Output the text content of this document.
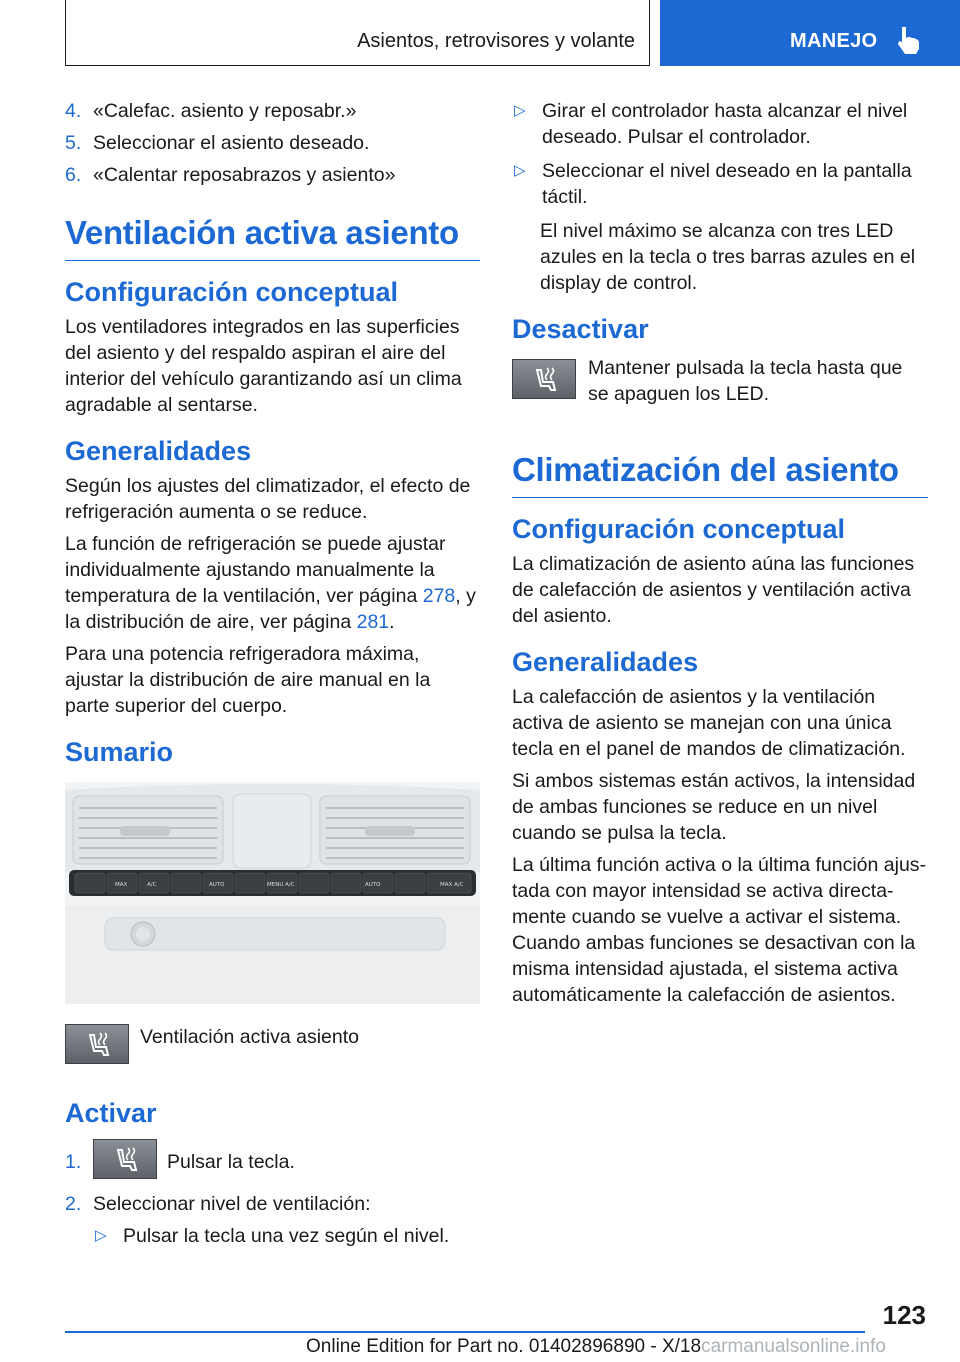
Asientos, retrovisores y volante	MANEJO
4. «Calefac. asiento y reposabr.»
5. Seleccionar el asiento deseado.
6. «Calentar reposabrazos y asiento»
Ventilación activa asiento
Configuración conceptual

Los ventiladores integrados en las superficies del asiento y del respaldo aspiran el aire del interior del vehículo garantizando así un clima agradable al sentarse.

Generalidades

Según los ajustes del climatizador, el efecto de refrigeración aumenta o se reduce.

La función de refrigeración se puede ajustar individualmente ajustando manualmente la temperatura de la ventilación, ver página 278, y la distribución de aire, ver página 281.

Para una potencia refrigeradora máxima, ajustar la distribución de aire manual en la parte superior del cuerpo.

Sumario
MAX	A/C	AUTO	MENU A/C	AUTO	MAX A/C
Ventilación activa asiento
Activar
1.	Pulsar la tecla.
2. Seleccionar nivel de ventilación:
▷ Pulsar la tecla una vez según el nivel.
▷ Girar el controlador hasta alcanzar el nivel deseado. Pulsar el controlador.
▷ Seleccionar el nivel deseado en la pantalla táctil.

El nivel máximo se alcanza con tres LED azules en la tecla o tres barras azules en el display de control.

Desactivar
Mantener pulsada la tecla hasta que se apaguen los LED.
Climatización del asiento
Configuración conceptual

La climatización de asiento aúna las funciones de calefacción de asientos y ventilación activa del asiento.

Generalidades

La calefacción de asientos y la ventilación activa de asiento se manejan con una única tecla en el panel de mandos de climatización.

Si ambos sistemas están activos, la intensidad de ambas funciones se reduce en un nivel cuando se pulsa la tecla.

La última función activa o la última función ajustada con mayor intensidad se activa directamente cuando se vuelve a activar el sistema. Cuando ambas funciones se desactivan con la misma intensidad ajustada, el sistema activa automáticamente la calefacción de asientos.

123
Online Edition for Part no. 01402896890 - X/18carmanualsonline.info
